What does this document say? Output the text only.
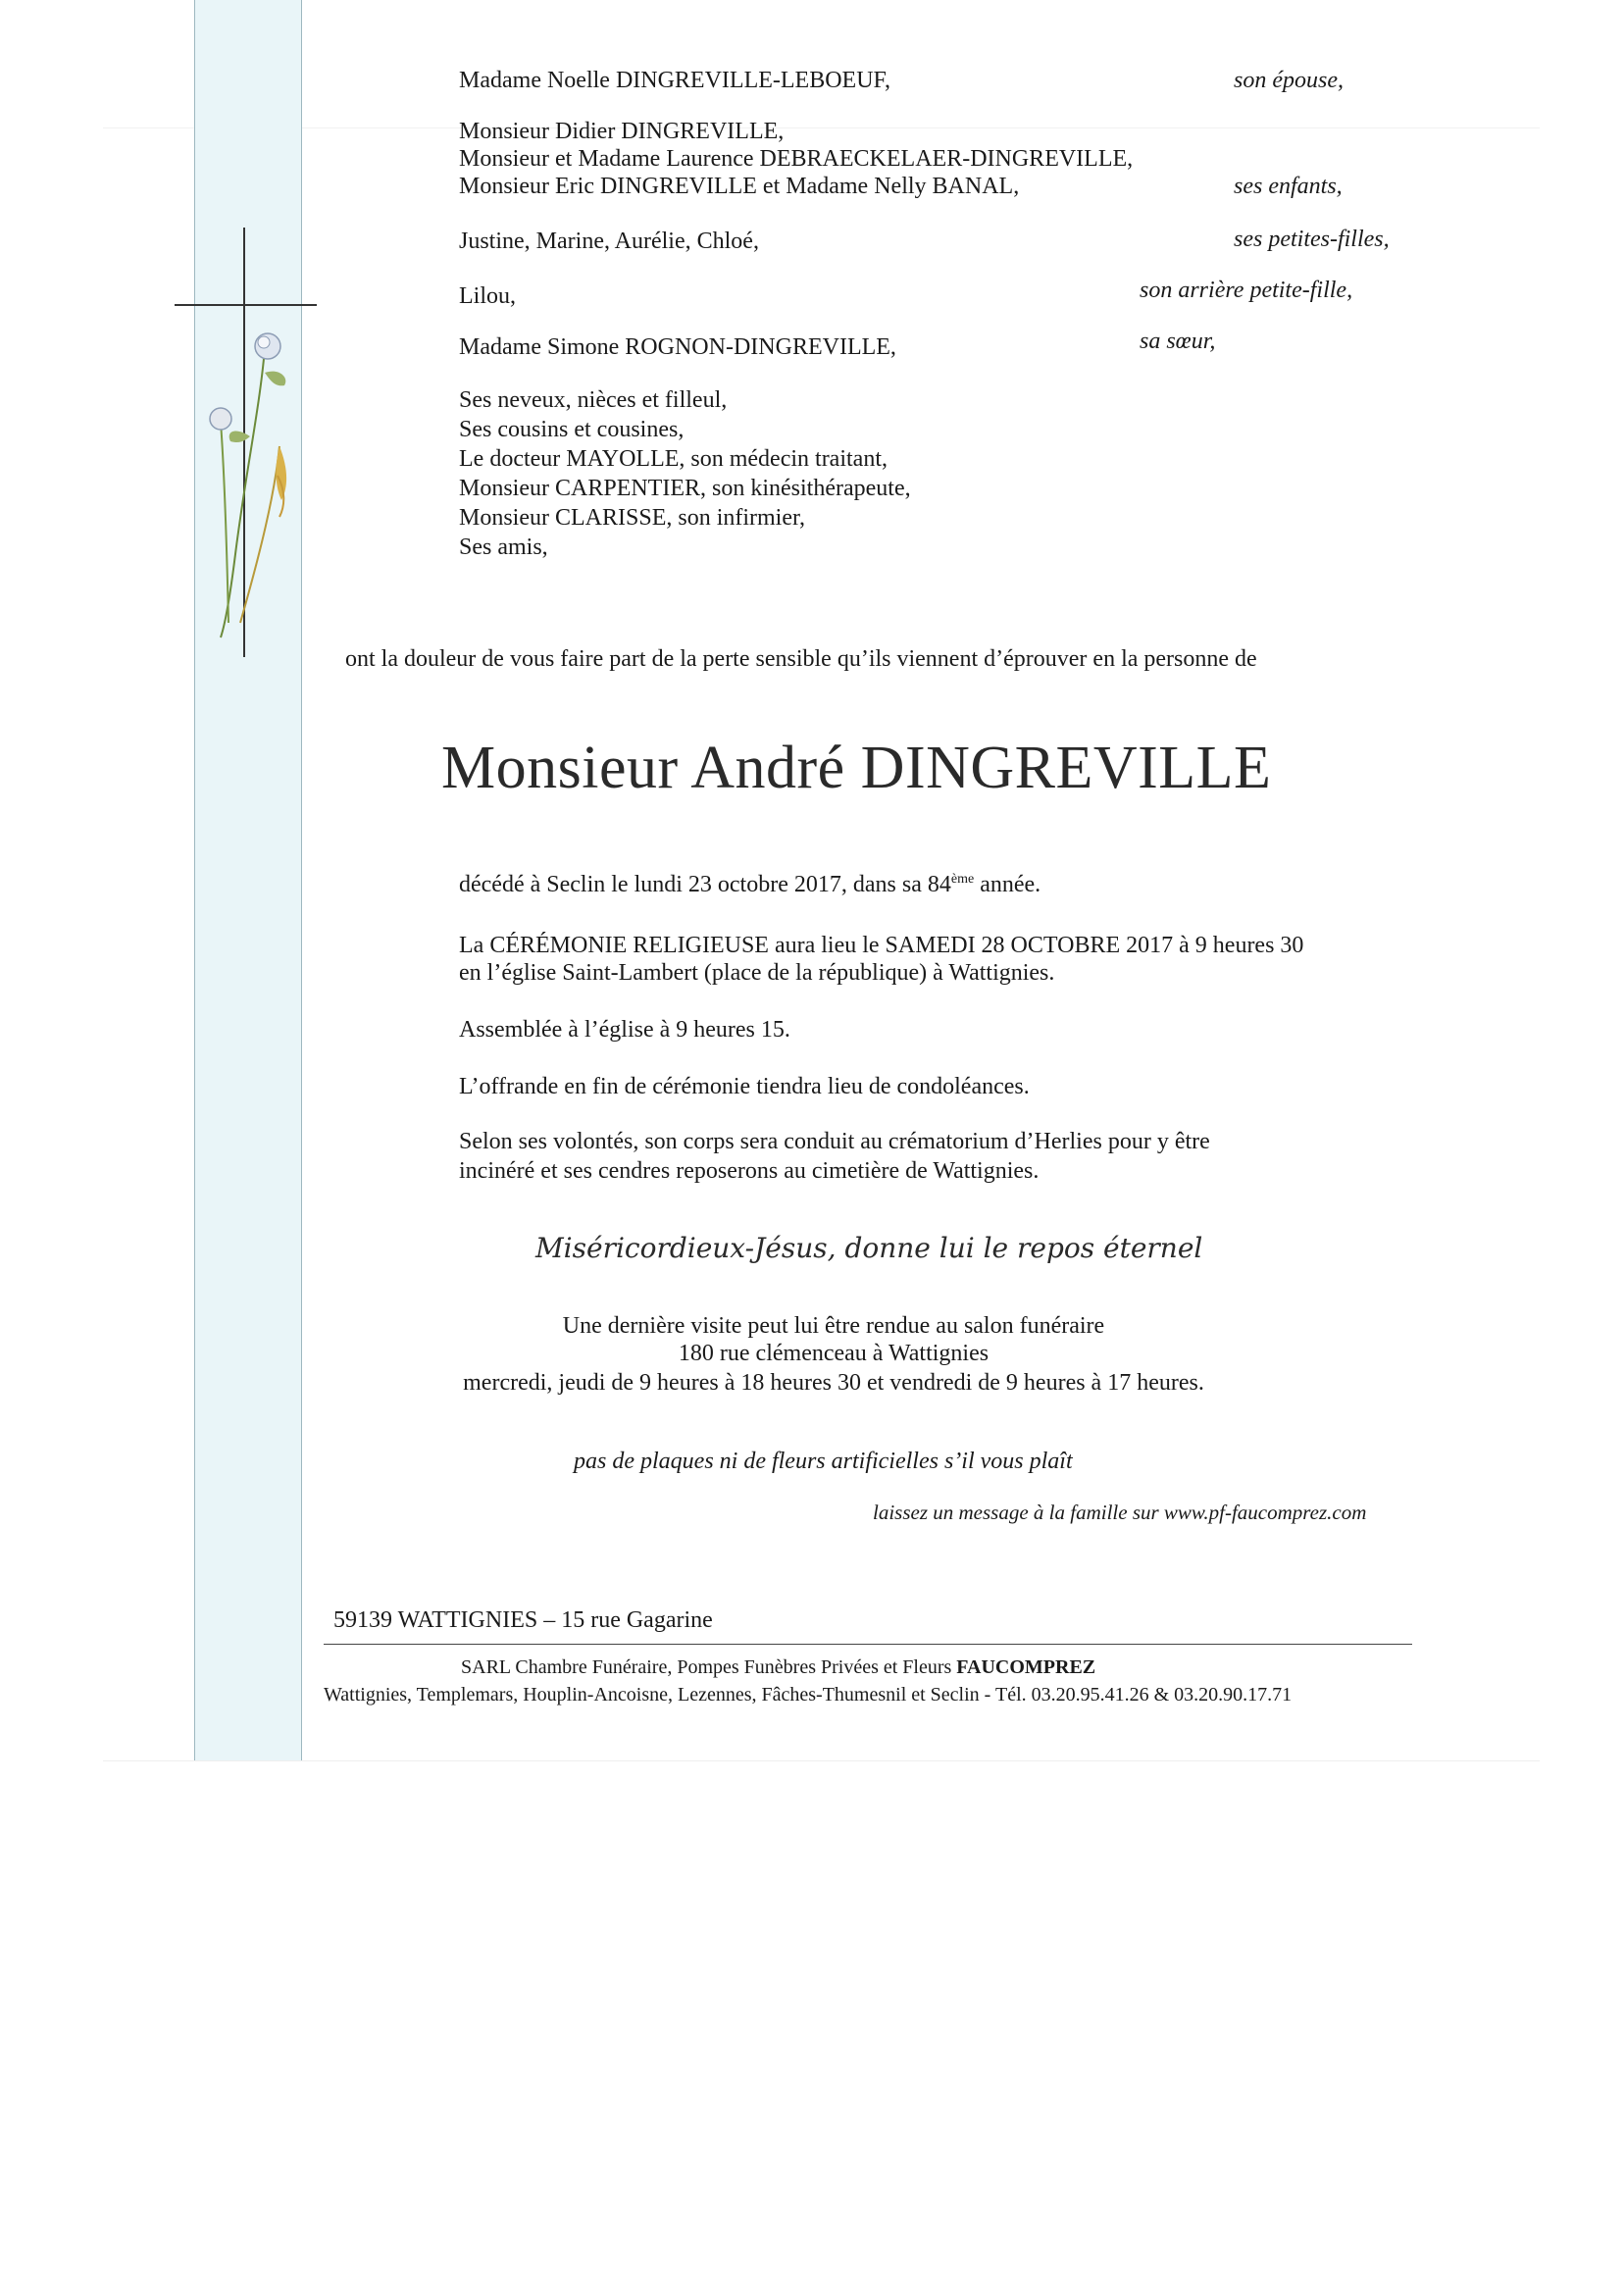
Madame Noelle DINGREVILLE-LEBOEUF,	son épouse,
Monsieur Didier DINGREVILLE,
Monsieur et Madame Laurence DEBRAECKELAER-DINGREVILLE,
Monsieur Eric DINGREVILLE et Madame Nelly BANAL,	ses enfants,
Justine, Marine, Aurélie, Chloé,	ses petites-filles,
Lilou,	son arrière petite-fille,
Madame Simone ROGNON-DINGREVILLE,	sa sœur,
Ses neveux, nièces et filleul,
Ses cousins et cousines,
Le docteur MAYOLLE, son médecin traitant,
Monsieur CARPENTIER, son kinésithérapeute,
Monsieur CLARISSE, son infirmier,
Ses amis,
ont la douleur de vous faire part de la perte sensible qu’ils viennent d’éprouver en la personne de
Monsieur André DINGREVILLE
décédé à Seclin le lundi 23 octobre 2017, dans sa 84ème année.
La CÉRÉMONIE RELIGIEUSE aura lieu le SAMEDI 28 OCTOBRE 2017 à 9 heures 30
en l’église Saint-Lambert (place de la république) à Wattignies.
Assemblée à l’église à 9 heures 15.
L’offrande en fin de cérémonie tiendra lieu de condoléances.
Selon ses volontés, son corps sera conduit au crématorium d’Herlies pour y être
inciné​ré et ses cendres reposerons au cimetière de Wattignies.
Miséricordieux-Jésus, donne lui le repos éternel
Une dernière visite peut lui être rendue au salon funéraire
180 rue clémenceau à Wattignies
mercredi, jeudi de 9 heures à 18 heures 30 et vendredi de 9 heures à 17 heures.
pas de plaques ni de fleurs artificielles s’il vous plaît
laissez un message à la famille sur www.pf-faucomprez.com
59139 WATTIGNIES – 15 rue Gagarine
SARL Chambre Funéraire, Pompes Funèbres Privées et Fleurs FAUCOMPREZ
Wattignies, Templemars, Houplin-Ancoisne, Lezennes, Fâches-Thumesnil et Seclin - Tél. 03.20.95.41.26 & 03.20.90.17.71
